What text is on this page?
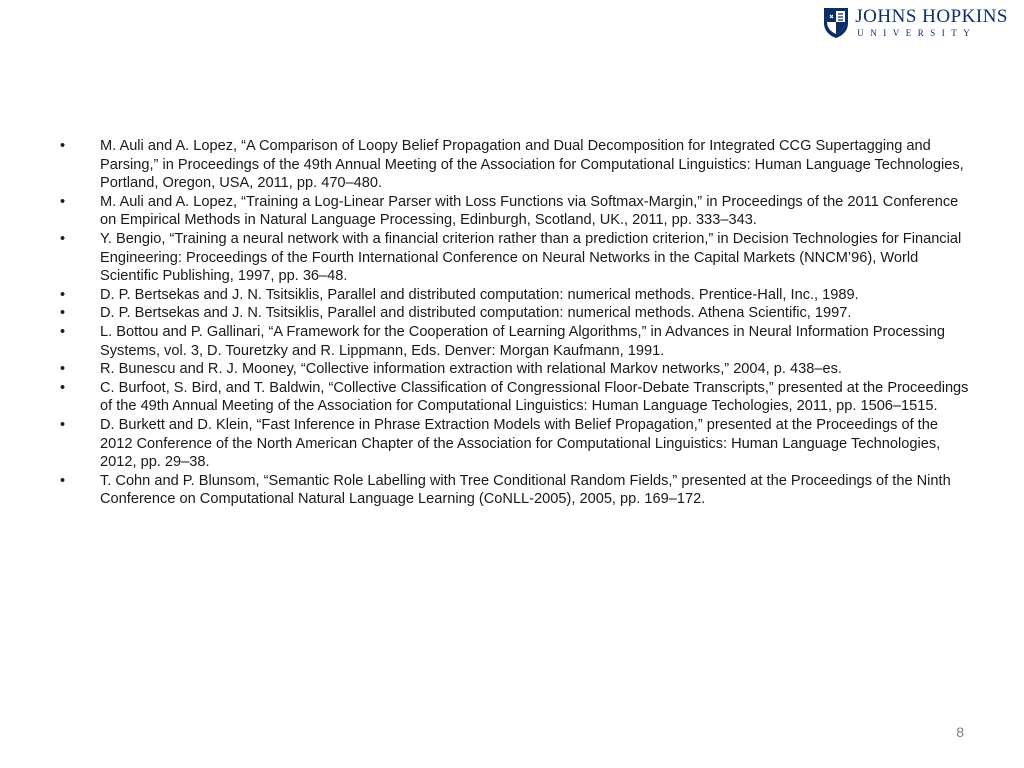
JOHNS HOPKINS
UNIVERSITY
• M. Auli and A. Lopez, “A Comparison of Loopy Belief Propagation and Dual Decomposition for Integrated CCG Supertagging and Parsing,” in Proceedings of the 49th Annual Meeting of the Association for Computational Linguistics: Human Language Technologies, Portland, Oregon, USA, 2011, pp. 470–480.
• M. Auli and A. Lopez, “Training a Log-Linear Parser with Loss Functions via Softmax-Margin,” in Proceedings of the 2011 Conference on Empirical Methods in Natural Language Processing, Edinburgh, Scotland, UK., 2011, pp. 333–343.
• Y. Bengio, “Training a neural network with a financial criterion rather than a prediction criterion,” in Decision Technologies for Financial Engineering: Proceedings of the Fourth International Conference on Neural Networks in the Capital Markets (NNCM’96), World Scientific Publishing, 1997, pp. 36–48.
• D. P. Bertsekas and J. N. Tsitsiklis, Parallel and distributed computation: numerical methods. Prentice-Hall, Inc., 1989.
• D. P. Bertsekas and J. N. Tsitsiklis, Parallel and distributed computation: numerical methods. Athena Scientific, 1997.
• L. Bottou and P. Gallinari, “A Framework for the Cooperation of Learning Algorithms,” in Advances in Neural Information Processing Systems, vol. 3, D. Touretzky and R. Lippmann, Eds. Denver: Morgan Kaufmann, 1991.
• R. Bunescu and R. J. Mooney, “Collective information extraction with relational Markov networks,” 2004, p. 438–es.
• C. Burfoot, S. Bird, and T. Baldwin, “Collective Classification of Congressional Floor-Debate Transcripts,” presented at the Proceedings of the 49th Annual Meeting of the Association for Computational Linguistics: Human Language Techologies, 2011, pp. 1506–1515.
• D. Burkett and D. Klein, “Fast Inference in Phrase Extraction Models with Belief Propagation,” presented at the Proceedings of the 2012 Conference of the North American Chapter of the Association for Computational Linguistics: Human Language Technologies, 2012, pp. 29–38.
• T. Cohn and P. Blunsom, “Semantic Role Labelling with Tree Conditional Random Fields,” presented at the Proceedings of the Ninth Conference on Computational Natural Language Learning (CoNLL-2005), 2005, pp. 169–172.
8
